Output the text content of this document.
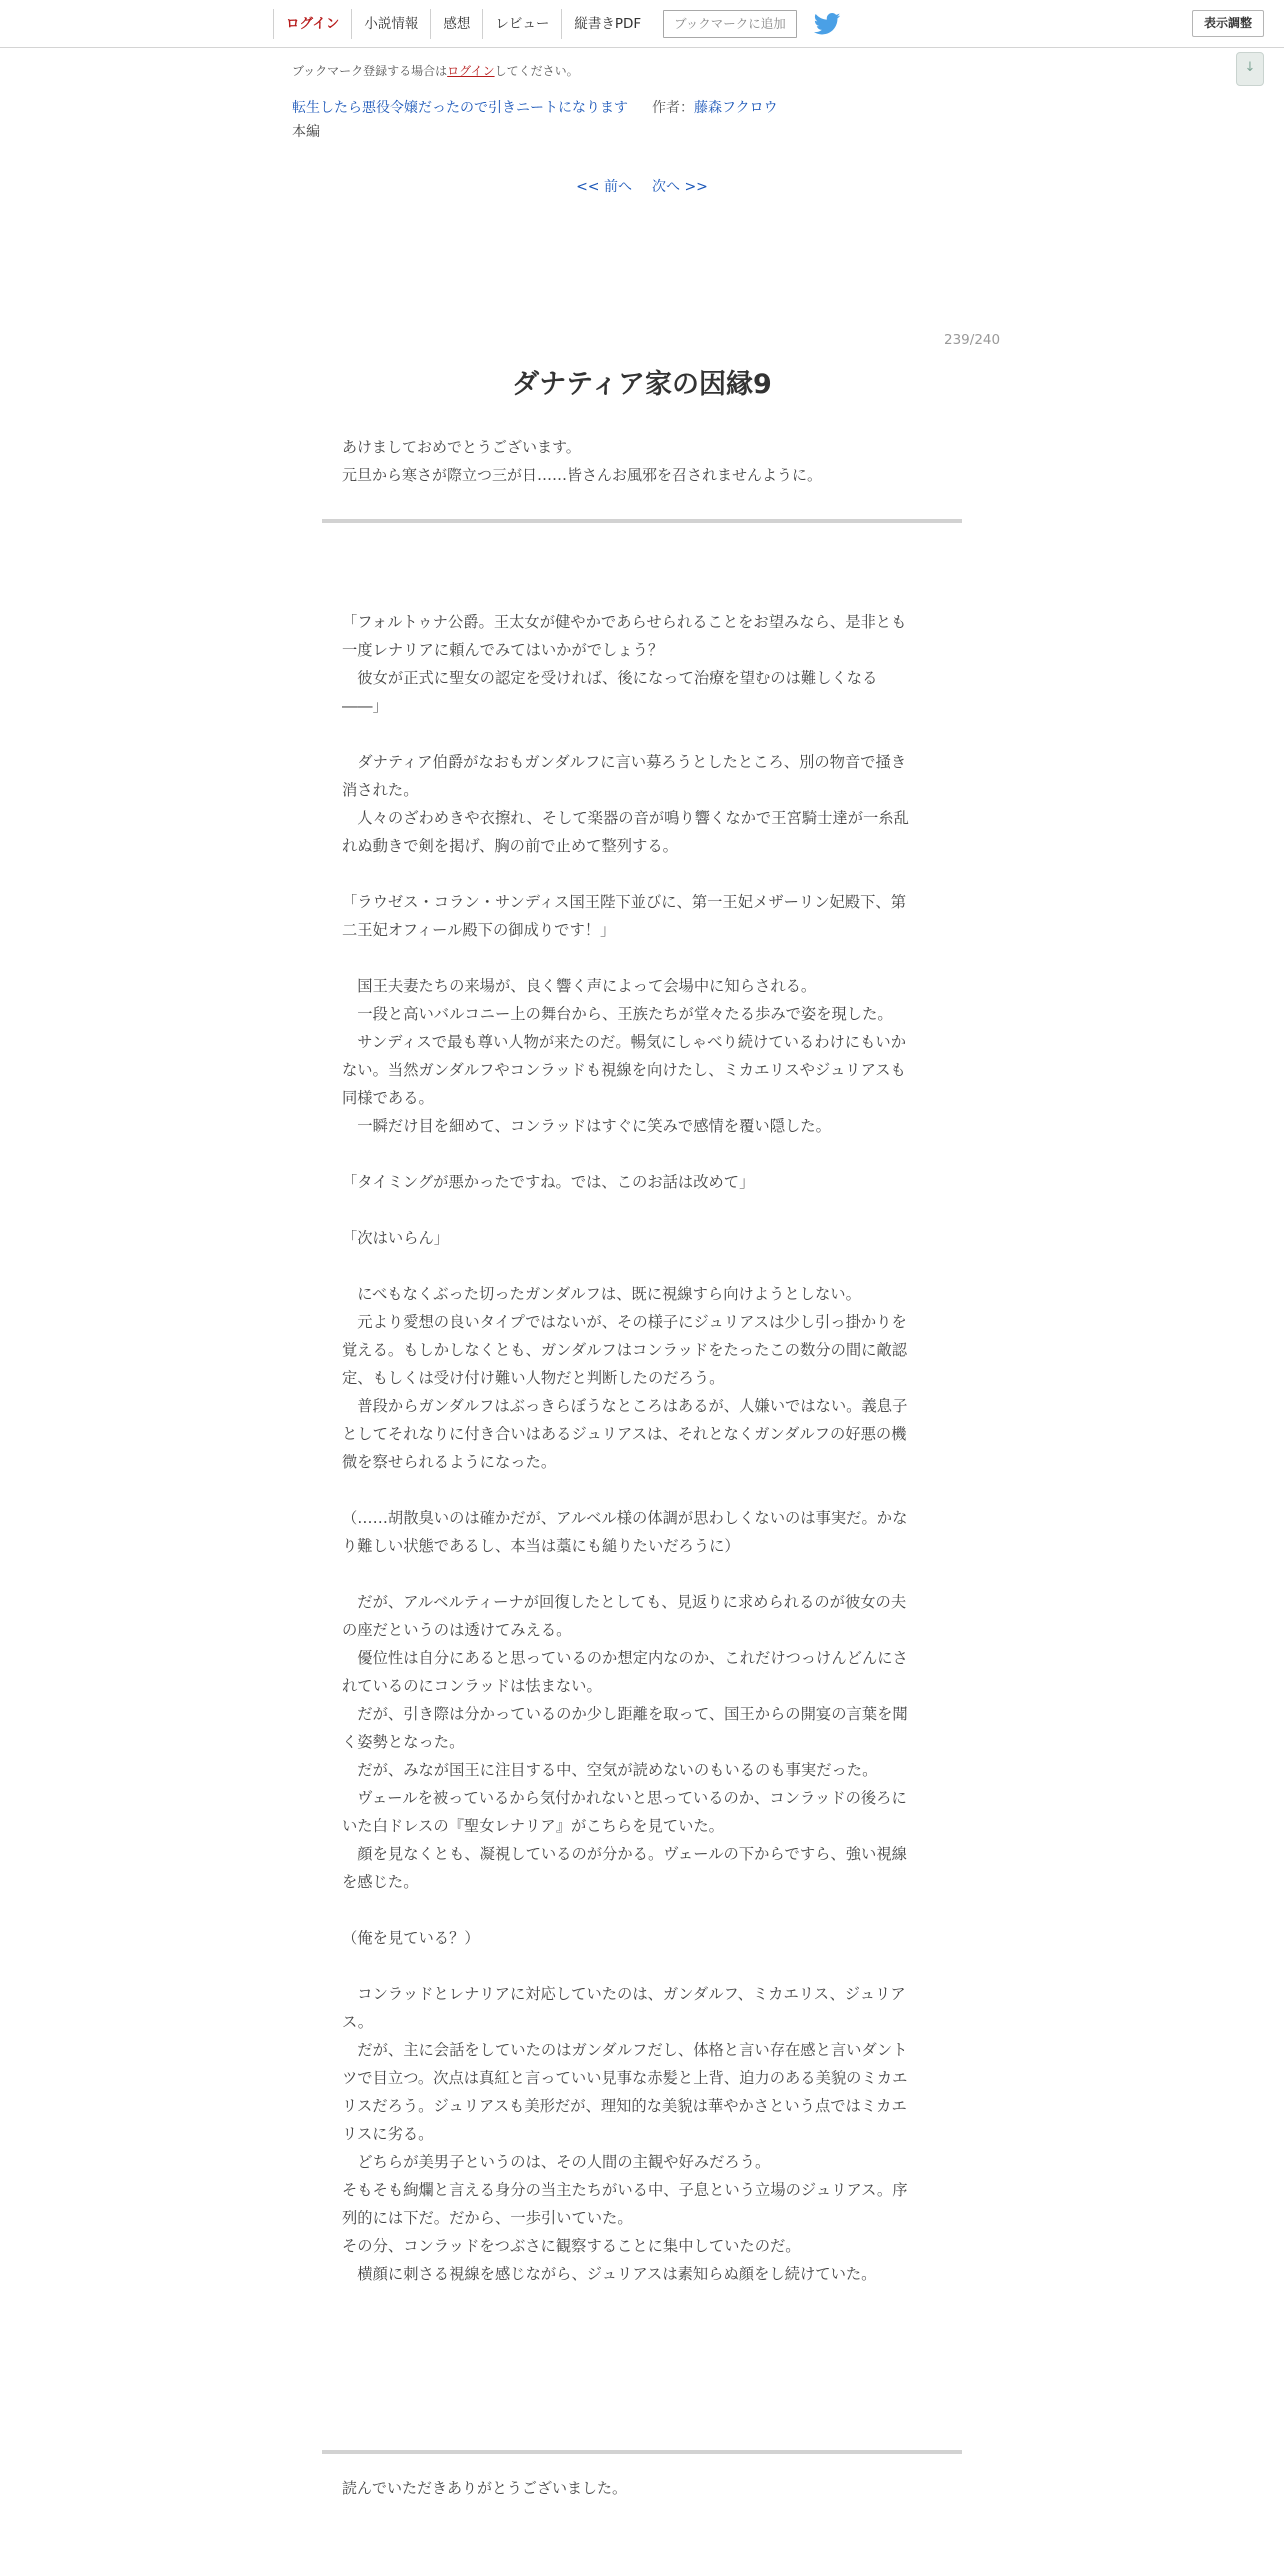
ログイン	小説情報	感想	レビュー	縦書きPDF	ブックマークに追加	表示調整
↓
ブックマーク登録する場合はログインしてください。
転生したら悪役令嬢だったので引きニートになります 作者：藤森フクロウ
本編
<< 前へ 次へ >>
239/240
ダナティア家の因縁9
あけましておめでとうございます。
元旦から寒さが際立つ三が日……皆さんお風邪を召されませんように。

「フォルトゥナ公爵。王太女が健やかであらせられることをお望みなら、是非とも

一度レナリアに頼んでみてはいかがでしょう？

　彼女が正式に聖女の認定を受ければ、後になって治療を望むのは難しくなる

――」

　ダナティア伯爵がなおもガンダルフに言い募ろうとしたところ、別の物音で掻き

消された。

　人々のざわめきや衣擦れ、そして楽器の音が鳴り響くなかで王宮騎士達が一糸乱

れぬ動きで剣を掲げ、胸の前で止めて整列する。

「ラウゼス・コラン・サンディス国王陛下並びに、第一王妃メザーリン妃殿下、第

二王妃オフィール殿下の御成りです！」

　国王夫妻たちの来場が、良く響く声によって会場中に知らされる。

　一段と高いバルコニー上の舞台から、王族たちが堂々たる歩みで姿を現した。

　サンディスで最も尊い人物が来たのだ。暢気にしゃべり続けているわけにもいか

ない。当然ガンダルフやコンラッドも視線を向けたし、ミカエリスやジュリアスも

同様である。

　一瞬だけ目を細めて、コンラッドはすぐに笑みで感情を覆い隠した。

「タイミングが悪かったですね。では、このお話は改めて」

「次はいらん」

　にべもなくぶった切ったガンダルフは、既に視線すら向けようとしない。

　元より愛想の良いタイプではないが、その様子にジュリアスは少し引っ掛かりを

覚える。もしかしなくとも、ガンダルフはコンラッドをたったこの数分の間に敵認

定、もしくは受け付け難い人物だと判断したのだろう。

　普段からガンダルフはぶっきらぼうなところはあるが、人嫌いではない。義息子

としてそれなりに付き合いはあるジュリアスは、それとなくガンダルフの好悪の機

微を察せられるようになった。

（……胡散臭いのは確かだが、アルベル様の体調が思わしくないのは事実だ。かな

り難しい状態であるし、本当は藁にも縋りたいだろうに）

　だが、アルベルティーナが回復したとしても、見返りに求められるのが彼女の夫

の座だというのは透けてみえる。

　優位性は自分にあると思っているのか想定内なのか、これだけつっけんどんにさ

れているのにコンラッドは怯まない。

　だが、引き際は分かっているのか少し距離を取って、国王からの開宴の言葉を聞

く姿勢となった。

　だが、みなが国王に注目する中、空気が読めないのもいるのも事実だった。

　ヴェールを被っているから気付かれないと思っているのか、コンラッドの後ろに

いた白ドレスの『聖女レナリア』がこちらを見ていた。

　顔を見なくとも、凝視しているのが分かる。ヴェールの下からですら、強い視線

を感じた。

（俺を見ている？）

　コンラッドとレナリアに対応していたのは、ガンダルフ、ミカエリス、ジュリア

ス。

　だが、主に会話をしていたのはガンダルフだし、体格と言い存在感と言いダント

ツで目立つ。次点は真紅と言っていい見事な赤髪と上背、迫力のある美貌のミカエ

リスだろう。ジュリアスも美形だが、理知的な美貌は華やかさという点ではミカエ

リスに劣る。

　どちらが美男子というのは、その人間の主観や好みだろう。

そもそも絢爛と言える身分の当主たちがいる中、子息という立場のジュリアス。序

列的には下だ。だから、一歩引いていた。

その分、コンラッドをつぶさに観察することに集中していたのだ。

　横顔に刺さる視線を感じながら、ジュリアスは素知らぬ顔をし続けていた。

読んでいただきありがとうございました。
